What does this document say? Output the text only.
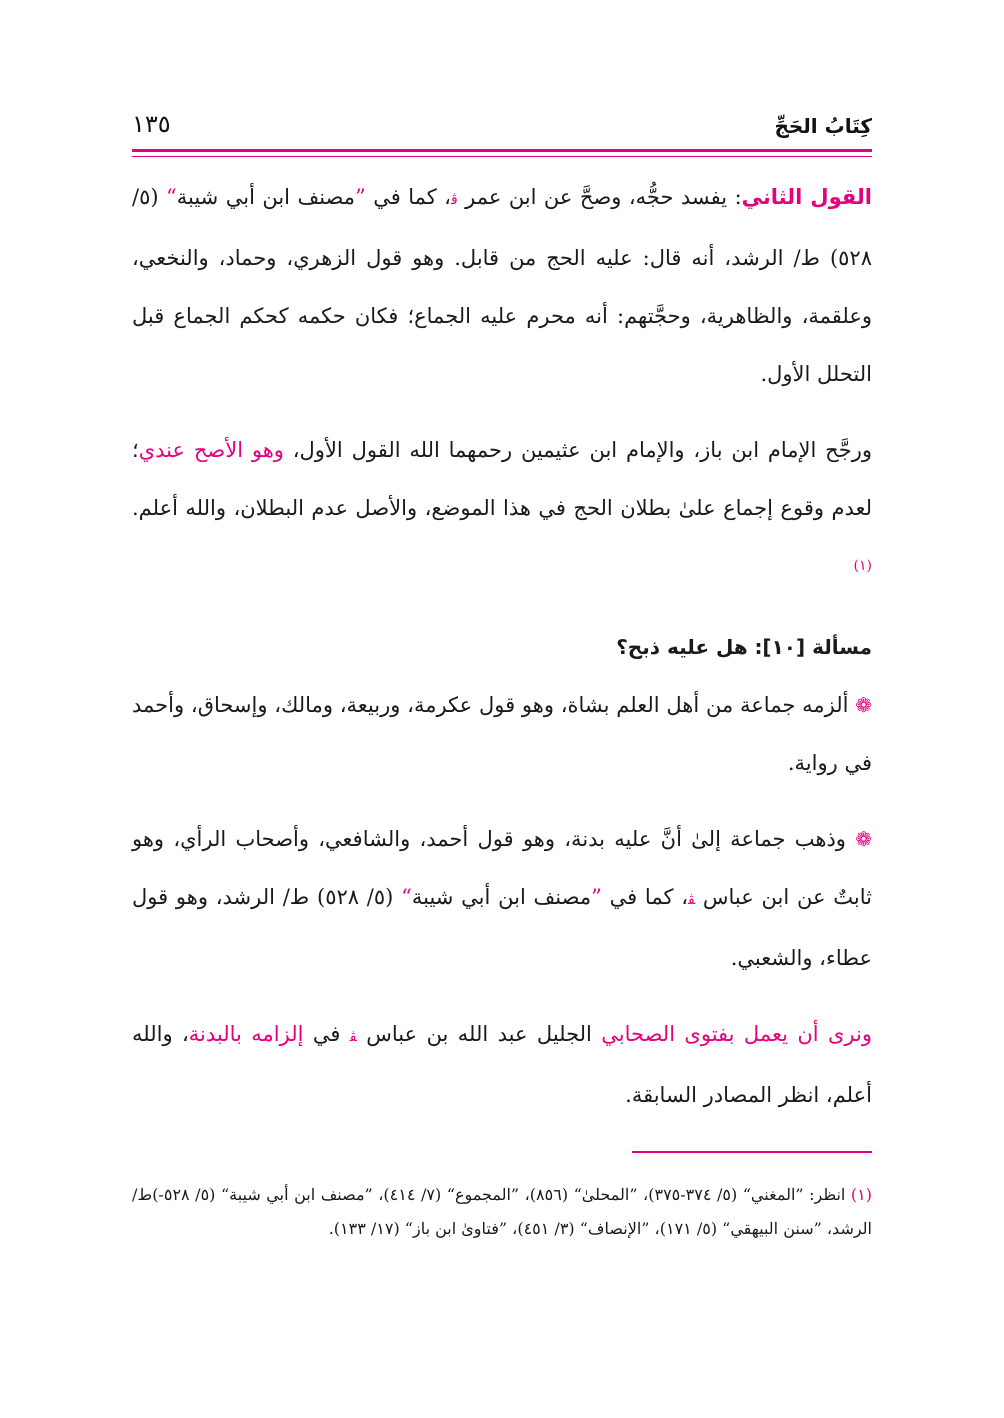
كِتَابُ الحَجِّ
١٣٥

القول الثاني: يفسد حجُّه، وصحَّ عن ابن عمر ﭬ، كما في ”مصنف ابن أبي شيبة“ (٥/ ٥٢٨) ط/ الرشد، أنه قال: عليه الحج من قابل. وهو قول الزهري، وحماد، والنخعي، وعلقمة، والظاهرية، وحجَّتهم: أنه محرم عليه الجماع؛ فكان حكمه كحكم الجماع قبل التحلل الأول.

ورجَّح الإمام ابن باز، والإمام ابن عثيمين رحمهما الله القول الأول، وهو الأصح عندي؛ لعدم وقوع إجماع علىٰ بطلان الحج في هذا الموضع، والأصل عدم البطلان، والله أعلم.$^{(١)}$

مسألة [١٠]: هل عليه ذبح؟

❁ ألزمه جماعة من أهل العلم بشاة، وهو قول عكرمة، وربيعة، ومالك، وإسحاق، وأحمد في رواية.

❁ وذهب جماعة إلىٰ أنَّ عليه بدنة، وهو قول أحمد، والشافعي، وأصحاب الرأي، وهو ثابتٌ عن ابن عباس ﭭ، كما في ”مصنف ابن أبي شيبة“ (٥/ ٥٢٨) ط/ الرشد، وهو قول عطاء، والشعبي.

ونرى أن يعمل بفتوى الصحابي الجليل عبد الله بن عباس ﭭ في إلزامه بالبدنة، والله أعلم، انظر المصادر السابقة.

(١) انظر: ”المغني“ (٥/ ٣٧٤-٣٧٥)، ”المحلىٰ“ (٨٥٦)، ”المجموع“ (٧/ ٤١٤)، ”مصنف ابن أبي شيبة“ (٥/ ٥٢٨-)ط/ الرشد، ”سنن البيهقي“ (٥/ ١٧١)، ”الإنصاف“ (٣/ ٤٥١)، ”فتاوىٰ ابن باز“ (١٧/ ١٣٣).
